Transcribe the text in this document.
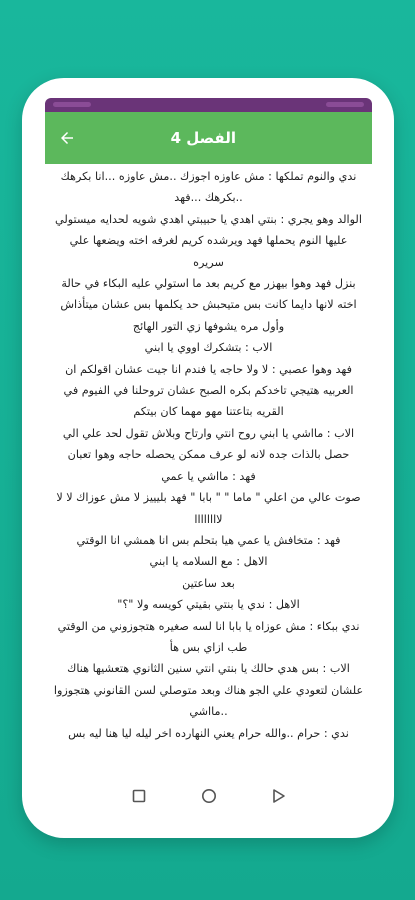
الفصل 4

ندي والنوم تملكها : مش عاوزه اجوزك ..مش عاوزه ...انا بكرهك ..بكرهك ...فهد

الوالد وهو يجري : بنتي اهدي يا حبيبتي اهدي شويه لحدايه ميستولي عليها النوم يحملها فهد ويرشده كريم لغرفه اخته ويضعها علي سريره

بنزل فهد وهوا بيهزر مع كريم بعد ما استولي عليه البكاء في حالة اخته لانها دايما كانت بس متيحبش حد يكلمها بس عشان ميتأذاش وأول مره يشوفها زي التور الهائج

الاب : بتشكرك اووي يا ابني

فهد وهوا عصبي : لا ولا حاجه يا فندم انا جيت عشان اقولكم ان العربيه هتيجي تاخدكم بكره الصبح عشان تروحلنا في الفيوم في القريه بتاعتنا مهو مهما كان بيتكم

الاب : مااشي يا ابني روح انتي وارتاح وبلاش تقول لحد علي الي حصل بالذات جده لانه لو عرف ممكن يحصله حاجه وهوا تعبان

فهد : مااشي يا عمي

صوت عالي من اعلي " ماما " " بابا " فهد بليييز لا مش عوزاك لا لا لاااااااا

فهد : متخافش يا عمي هيا بتحلم بس انا همشي انا الوقتي

الاهل : مع السلامه يا ابني

بعد ساعتين

الاهل : ندي يا بنتي بقيتي كويسه ولا "؟"

ندي ببكاء : مش عوزاه يا بابا انا لسه صغيره هتجوزوني من الوقتي طب ازاي بس هأ

الاب : بس هدي حالك يا بنتي انتي سنين الثانوي هتعشيها هناك علشان لتعودي علي الجو هناك وبعد متوصلي لسن القانوني هتجوزوا ..مااشي

ندي : حرام ..والله حرام يعني النهارده اخر ليله ليا هنا ليه بس
